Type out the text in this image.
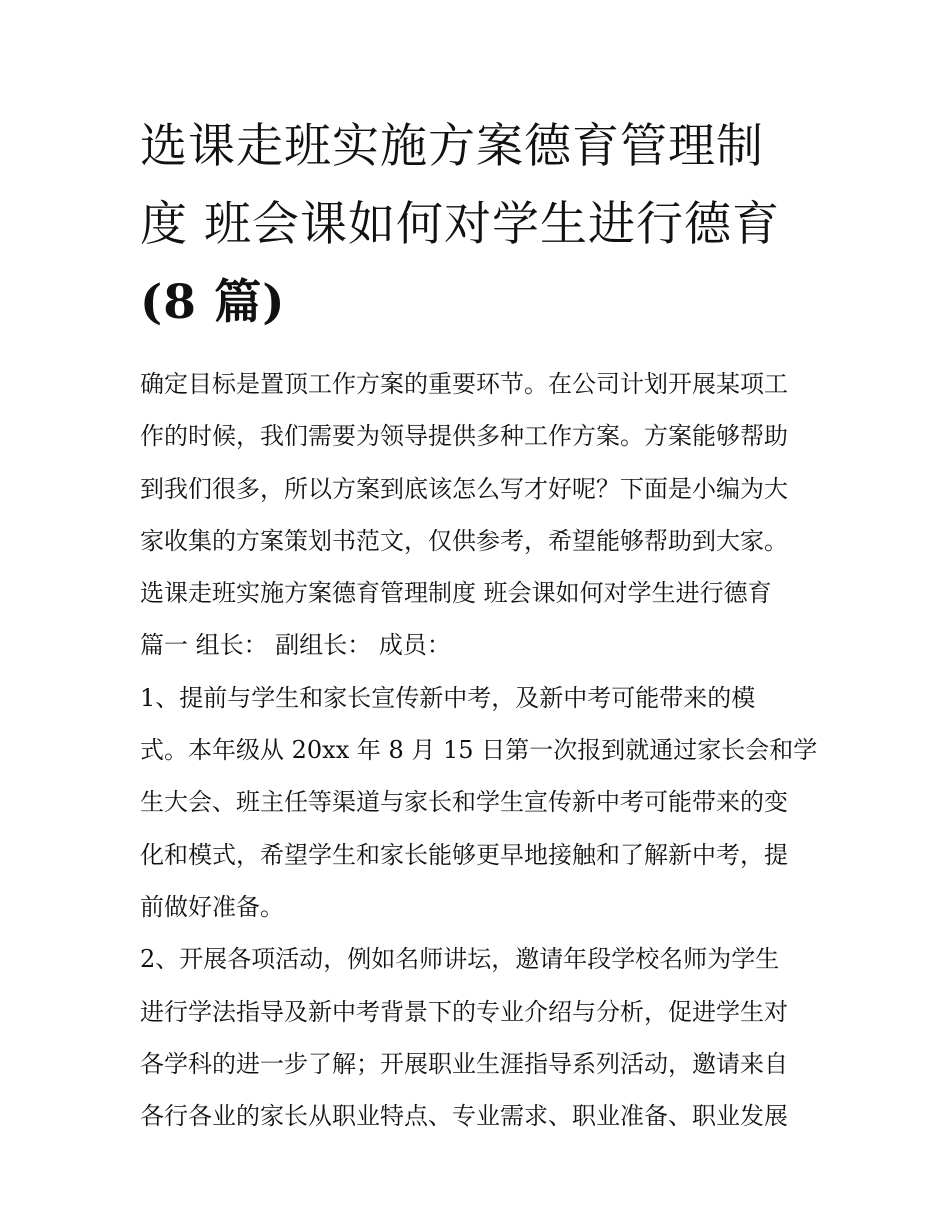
选课走班实施方案德育管理制
度 班会课如何对学生进行德育
(8 篇)
确定目标是置顶工作方案的重要环节。在公司计划开展某项工
作的时候，我们需要为领导提供多种工作方案。方案能够帮助
到我们很多，所以方案到底该怎么写才好呢？下面是小编为大
家收集的方案策划书范文，仅供参考，希望能够帮助到大家。
选课走班实施方案德育管理制度 班会课如何对学生进行德育
篇一 组长： 副组长： 成员：
1、提前与学生和家长宣传新中考，及新中考可能带来的模
式。本年级从 20xx 年 8 月 15 日第一次报到就通过家长会和学
生大会、班主任等渠道与家长和学生宣传新中考可能带来的变
化和模式，希望学生和家长能够更早地接触和了解新中考，提
前做好准备。
2、开展各项活动，例如名师讲坛，邀请年段学校名师为学生
进行学法指导及新中考背景下的专业介绍与分析，促进学生对
各学科的进一步了解；开展职业生涯指导系列活动，邀请来自
各行各业的家长从职业特点、专业需求、职业准备、职业发展
